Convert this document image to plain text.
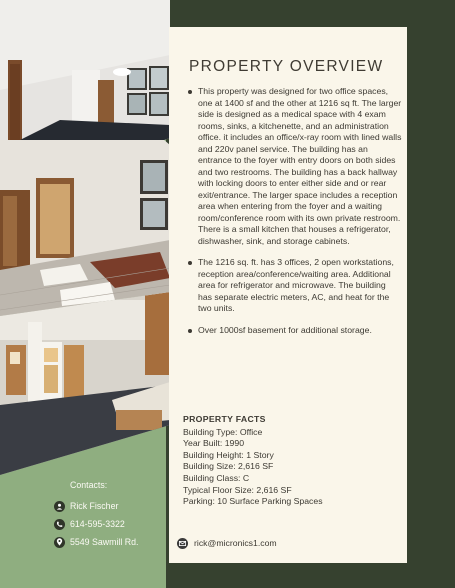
PROPERTY OVERVIEW
This property was designed for two office spaces, one at 1400 sf and the other at 1216 sq ft. The larger side is designed as a medical space with 4 exam rooms, sinks, a kitchenette, and an administration office. it includes an office/x-ray room with lined walls and 220v panel service. The building has an entrance to the foyer with entry doors on both sides and two restrooms. The building has a back hallway with locking doors to enter either side and or rear exit/entrance. The larger space includes a reception area when entering from the foyer and a waiting room/conference room with its own private restroom. There is a small kitchen that houses a refrigerator, dishwasher, sink, and storage cabinets.
The 1216 sq. ft. has 3 offices, 2 open workstations, reception area/conference/waiting area. Additional area for refrigerator and microwave. The building has separate electric meters, AC, and heat for the two units.
Over 1000sf basement for additional storage.
PROPERTY FACTS
Building Type: Office
Year Built: 1990
Building Height: 1 Story
Building Size: 2,616 SF
Building Class: C
Typical Floor Size: 2,616 SF
Parking: 10 Surface Parking Spaces
rick@micronics1.com
Contacts:
Rick Fischer
614-595-3322
5549 Sawmill Rd.
